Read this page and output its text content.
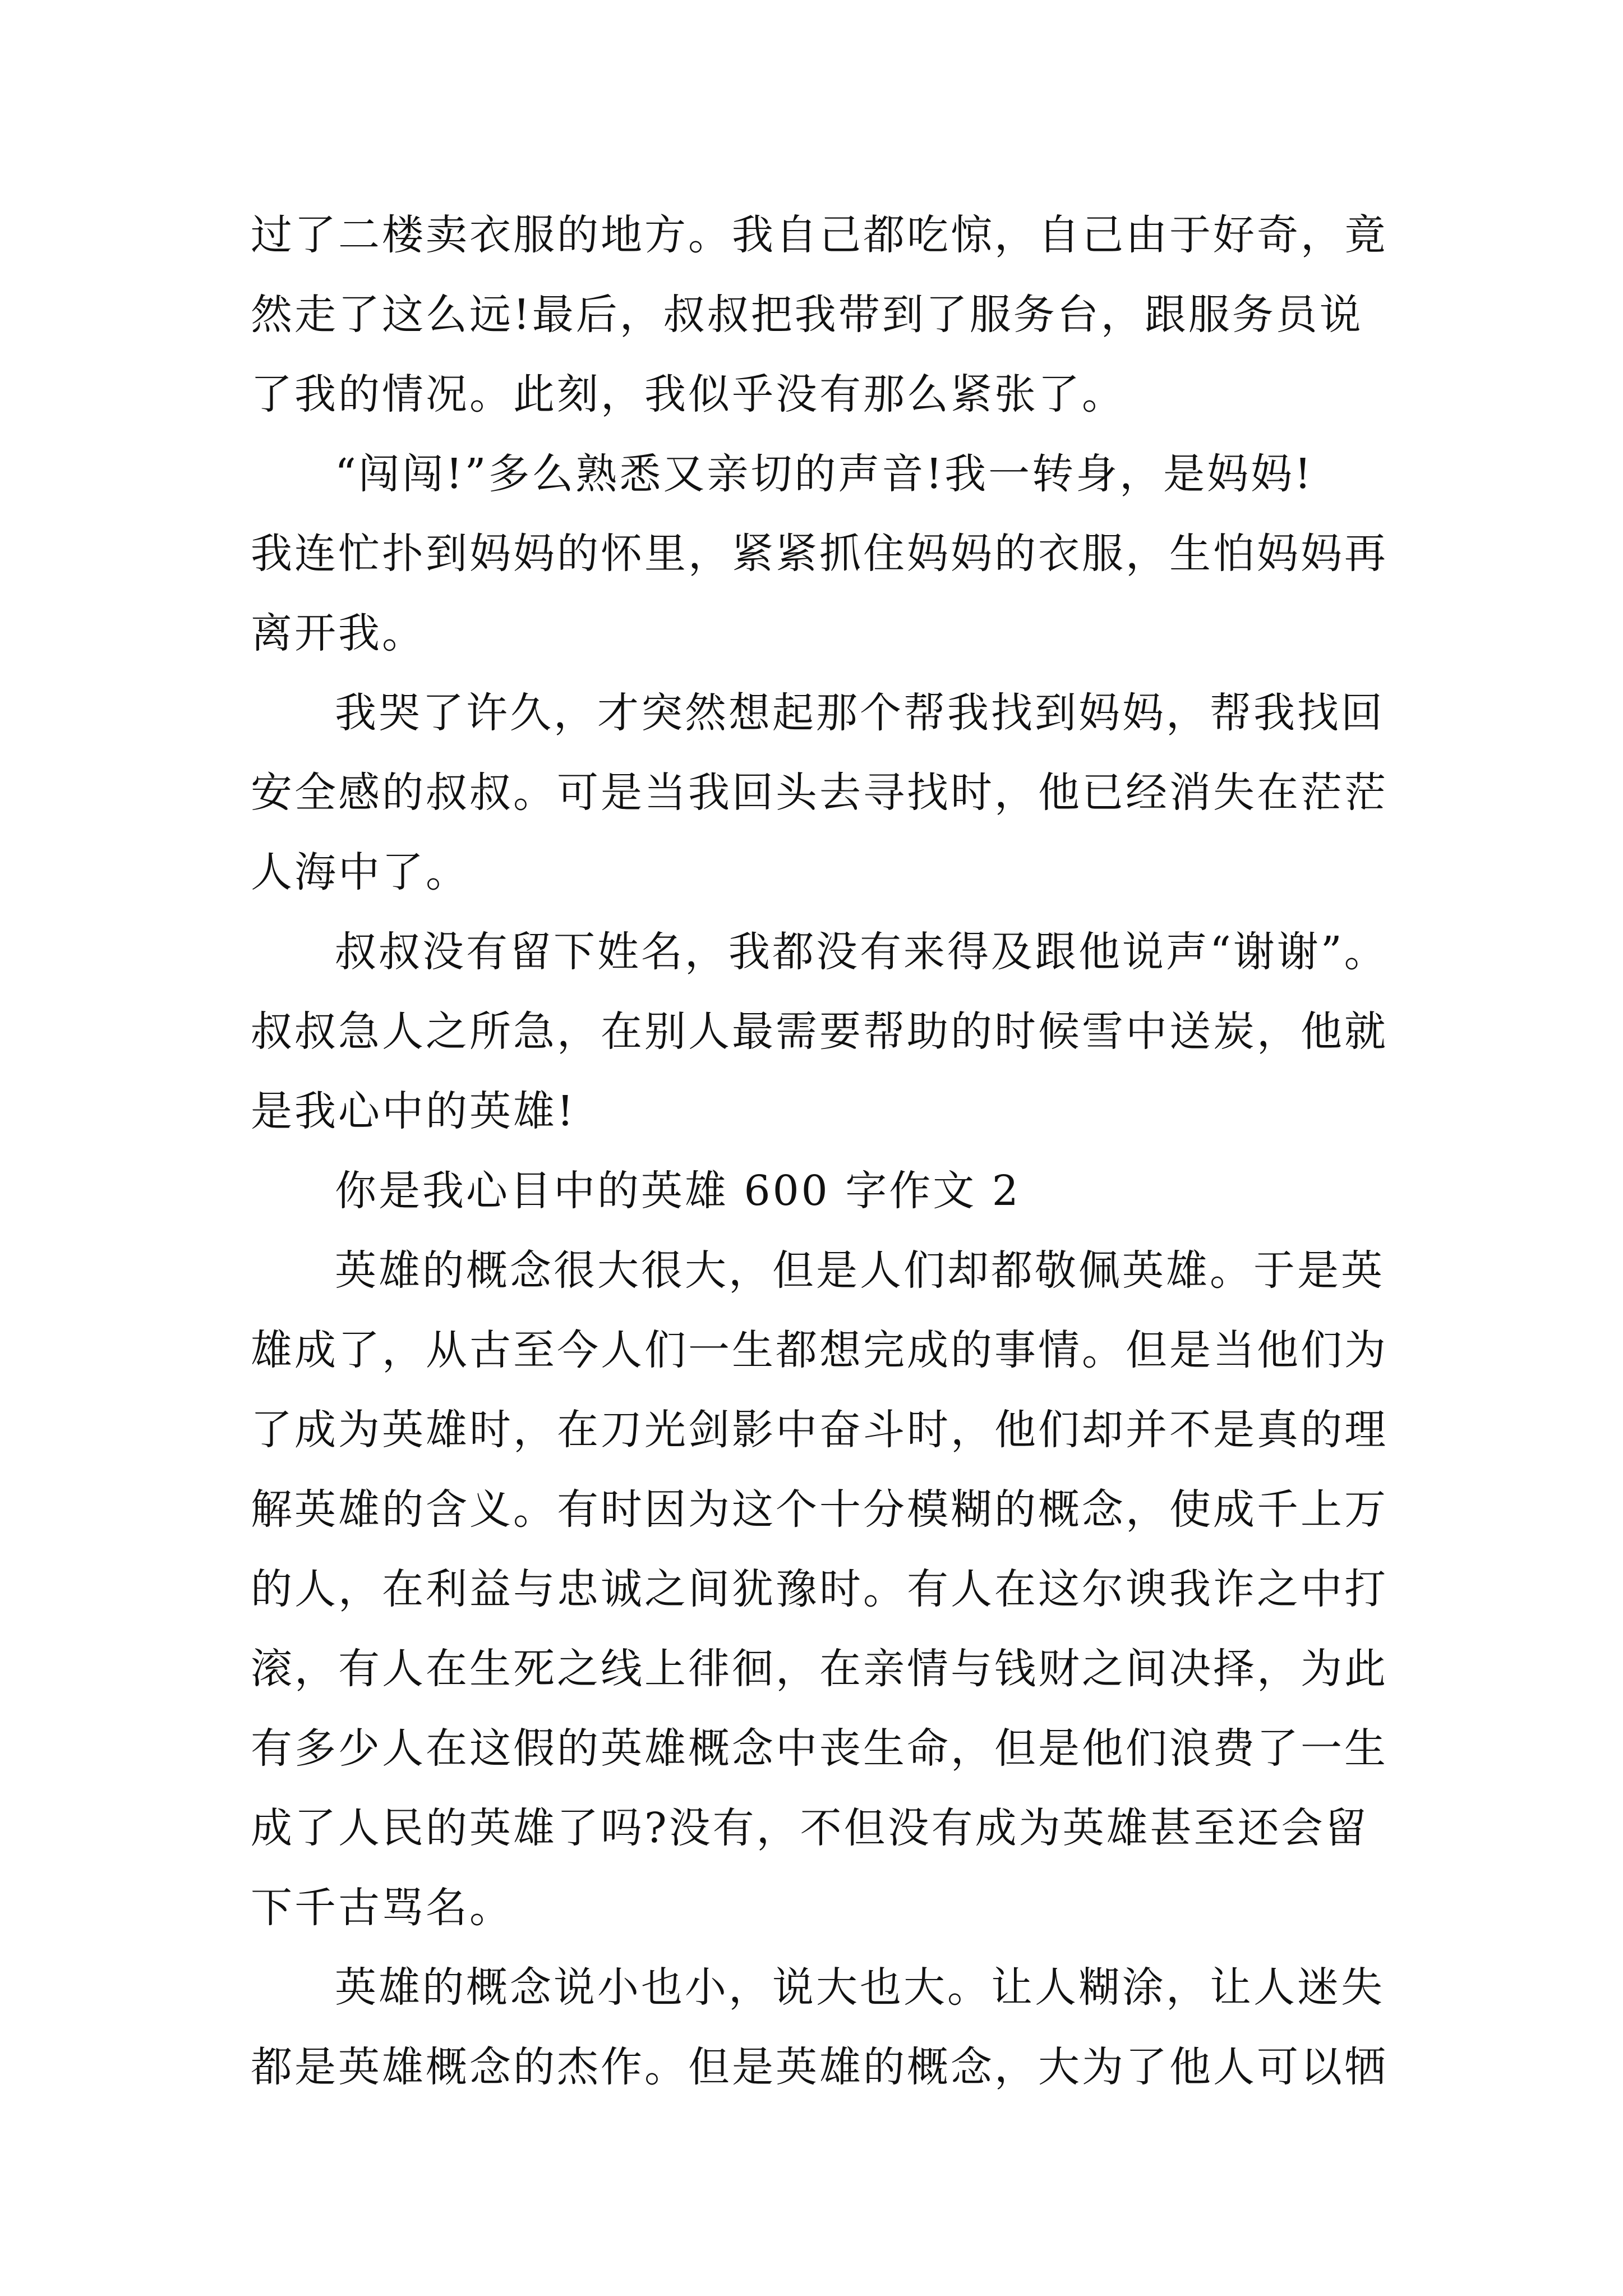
过了二楼卖衣服的地方。我自己都吃惊，自己由于好奇，竟
然走了这么远!最后，叔叔把我带到了服务台，跟服务员说
了我的情况。此刻，我似乎没有那么紧张了。
“闯闯!”多么熟悉又亲切的声音!我一转身，是妈妈!
我连忙扑到妈妈的怀里，紧紧抓住妈妈的衣服，生怕妈妈再
离开我。
我哭了许久，才突然想起那个帮我找到妈妈，帮我找回
安全感的叔叔。可是当我回头去寻找时，他已经消失在茫茫
人海中了。
叔叔没有留下姓名，我都没有来得及跟他说声“谢谢”。
叔叔急人之所急，在别人最需要帮助的时候雪中送炭，他就
是我心中的英雄!
你是我心目中的英雄 600 字作文 2
英雄的概念很大很大，但是人们却都敬佩英雄。于是英
雄成了，从古至今人们一生都想完成的事情。但是当他们为
了成为英雄时，在刀光剑影中奋斗时，他们却并不是真的理
解英雄的含义。有时因为这个十分模糊的概念，使成千上万
的人，在利益与忠诚之间犹豫时。有人在这尔谀我诈之中打
滚，有人在生死之线上徘徊，在亲情与钱财之间决择，为此
有多少人在这假的英雄概念中丧生命，但是他们浪费了一生
成了人民的英雄了吗?没有，不但没有成为英雄甚至还会留
下千古骂名。
英雄的概念说小也小，说大也大。让人糊涂，让人迷失
都是英雄概念的杰作。但是英雄的概念，大为了他人可以牺
